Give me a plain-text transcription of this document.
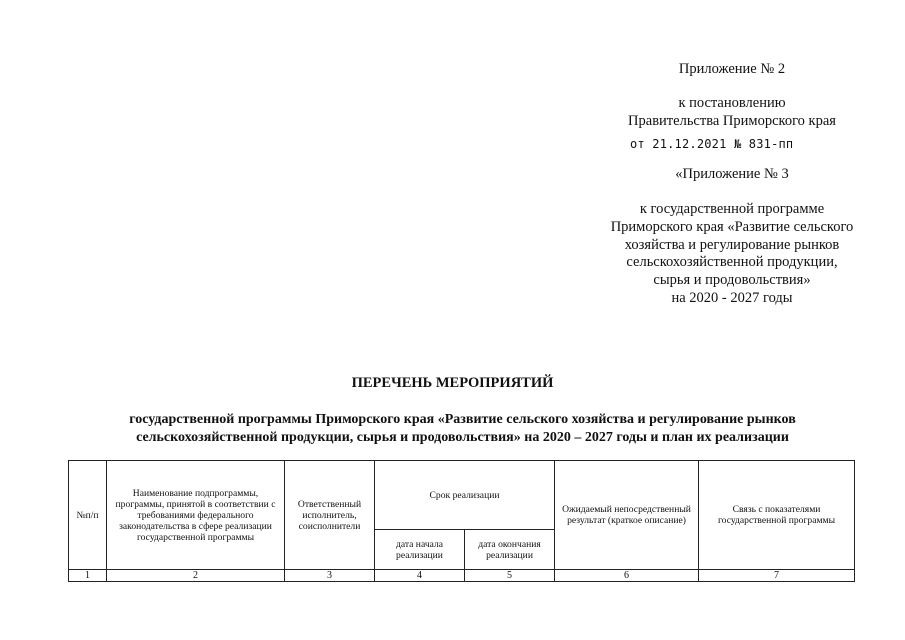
Приложение № 2
к постановлению
Правительства Приморского края
от 21.12.2021 № 831-пп
«Приложение № 3
к государственной программе
Приморского края «Развитие сельского
хозяйства и регулирование рынков
сельскохозяйственной продукции,
сырья и продовольствия»
на 2020 - 2027 годы
ПЕРЕЧЕНЬ МЕРОПРИЯТИЙ
государственной программы Приморского края «Развитие сельского хозяйства и регулирование рынков
сельскохозяйственной продукции, сырья и продовольствия» на 2020 – 2027 годы и план их реализации
№п/п	Наименование подпрограммы, программы, принятой в соответствии с требованиями федерального законодательства в сфере реализации государственной программы	Ответственный исполнитель, соисполнители	Срок реализации		Ожидаемый непосредственный результат (краткое описание)	Связь с показателями государственной программы
			дата начала реализации	дата окончания реализации		
1	2	3	4	5	6	7
